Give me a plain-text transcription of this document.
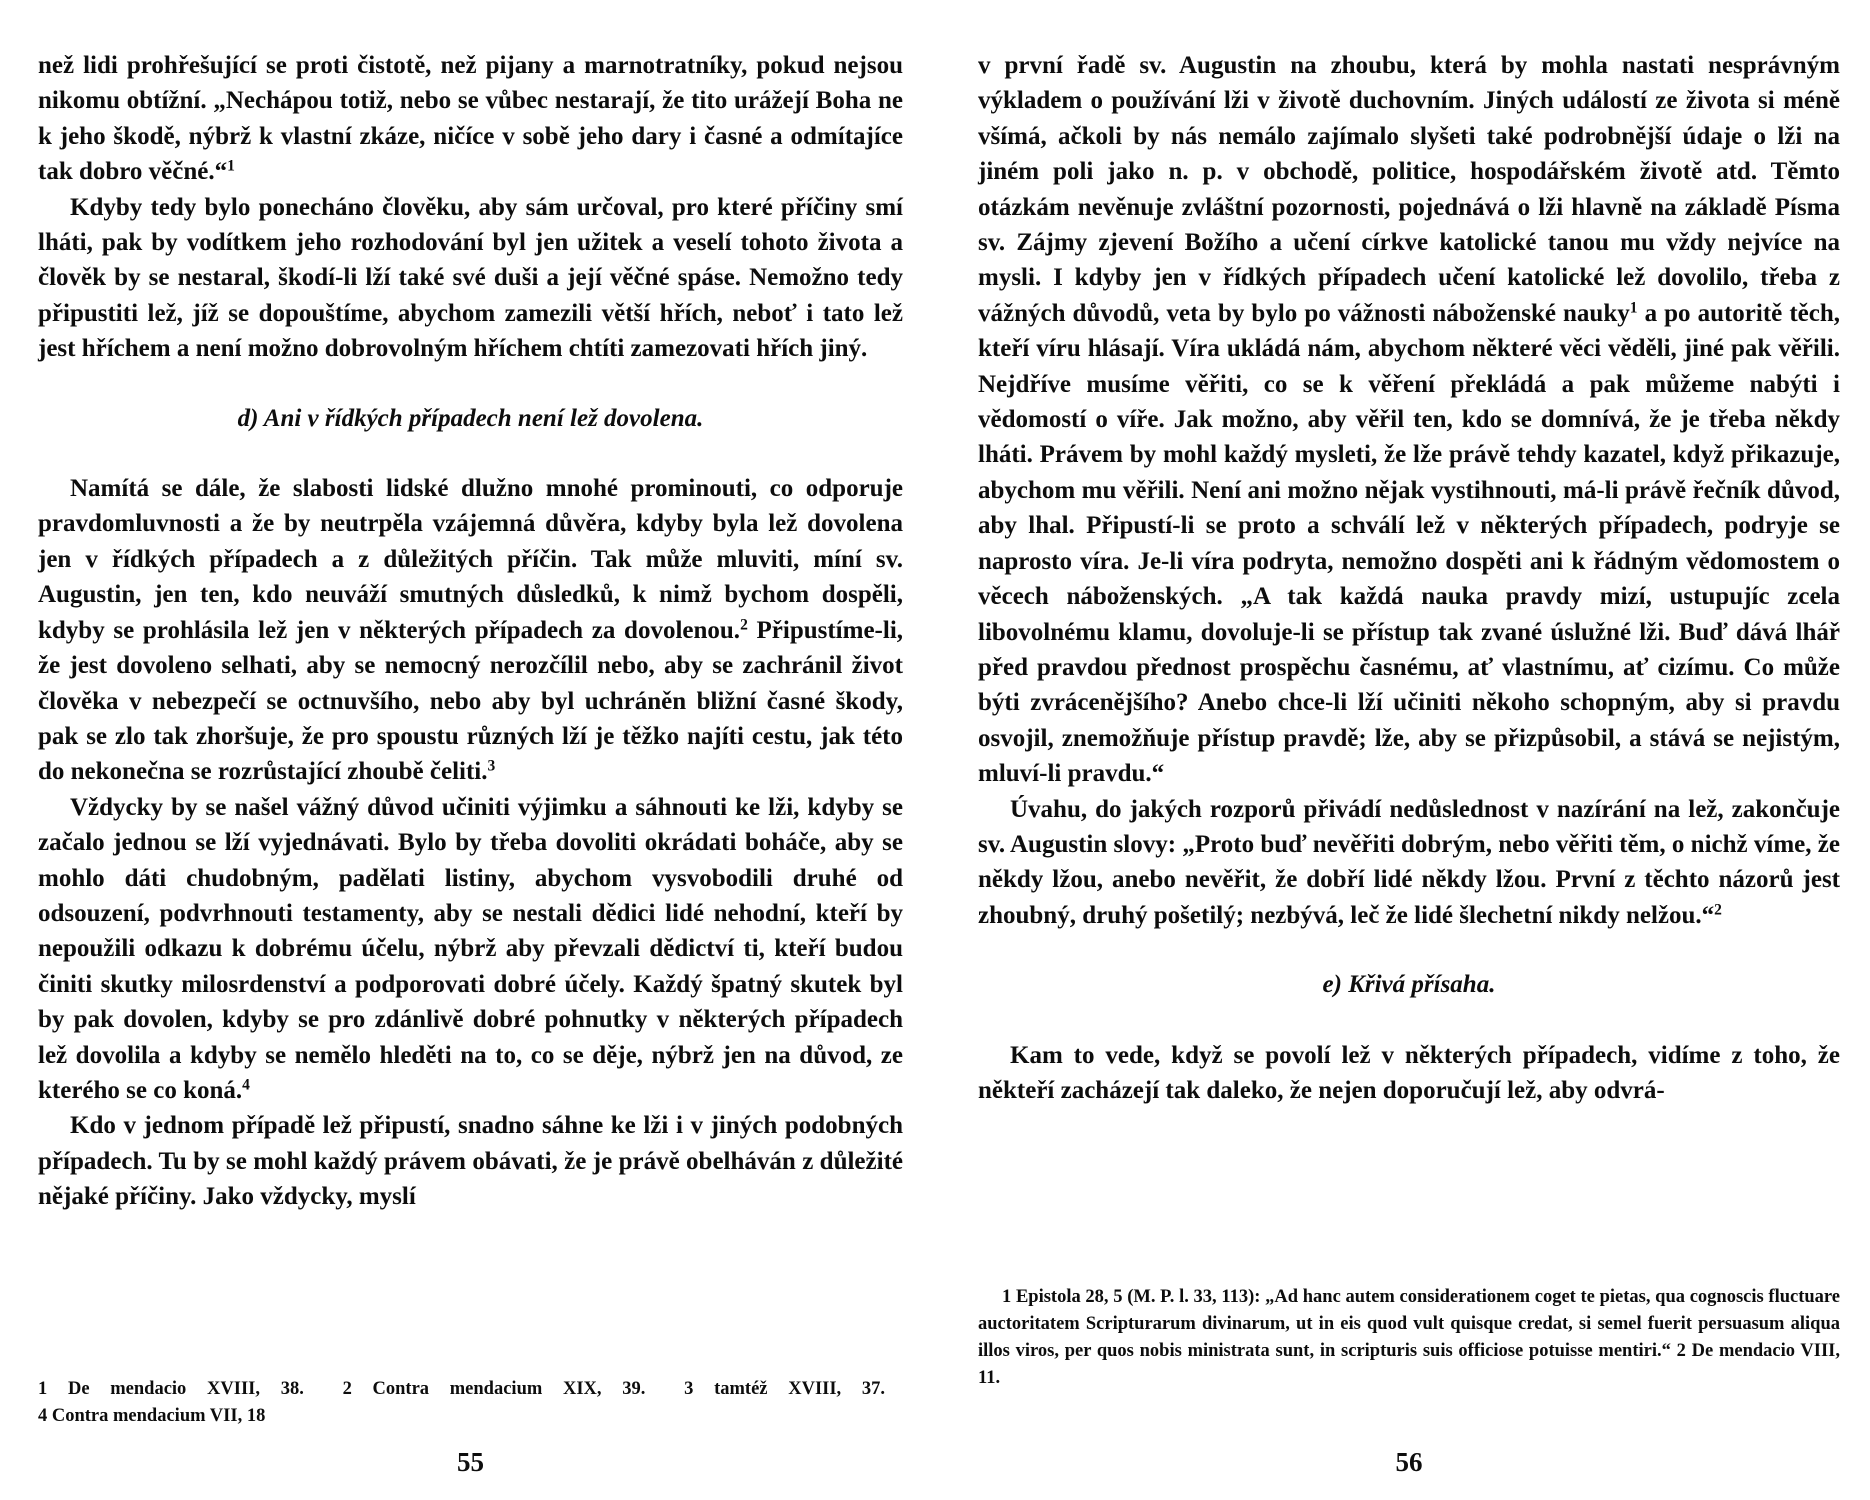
než lidi prohřešující se proti čistotě, než pijany a marnotratníky, pokud nejsou nikomu obtížní. „Nechápou totiž, nebo se vůbec nestarají, že tito urážejí Boha ne k jeho škodě, nýbrž k vlastní zkáze, ničíce v sobě jeho dary i časné a odmítajíce tak dobro věčné.“$^1$

Kdyby tedy bylo ponecháno člověku, aby sám určoval, pro které příčiny smí lháti, pak by vodítkem jeho rozhodování byl jen užitek a veselí tohoto života a člověk by se nestaral, škodí-li lží také své duši a její věčné spáse. Nemožno tedy připustiti lež, jíž se dopouštíme, abychom zamezili větší hřích, neboť i tato lež jest hříchem a není možno dobrovolným hříchem chtíti zamezovati hřích jiný.

d) Ani v řídkých případech není lež dovolena.

Namítá se dále, že slabosti lidské dlužno mnohé prominouti, co odporuje pravdomluvnosti a že by neutrpěla vzájemná důvěra, kdyby byla lež dovolena jen v řídkých případech a z důležitých příčin. Tak může mluviti, míní sv. Augustin, jen ten, kdo neuváží smutných důsledků, k nimž bychom dospěli, kdyby se prohlásila lež jen v některých případech za dovolenou.$^2$ Připustíme-li, že jest dovoleno selhati, aby se nemocný nerozčílil nebo, aby se zachránil život člověka v nebezpečí se octnuvšího, nebo aby byl uchráněn bližní časné škody, pak se zlo tak zhoršuje, že pro spoustu různých lží je těžko najíti cestu, jak této do nekonečna se rozrůstající zhoubě čeliti.$^3$

Vždycky by se našel vážný důvod učiniti výjimku a sáhnouti ke lži, kdyby se začalo jednou se lží vyjednávati. Bylo by třeba dovoliti okrádati boháče, aby se mohlo dáti chudobným, padělati listiny, abychom vysvobodili druhé od odsouzení, podvrhnouti testamenty, aby se nestali dědici lidé nehodní, kteří by nepoužili odkazu k dobrému účelu, nýbrž aby převzali dědictví ti, kteří budou činiti skutky milosrdenství a podporovati dobré účely. Každý špatný skutek byl by pak dovolen, kdyby se pro zdánlivě dobré pohnutky v některých případech lež dovolila a kdyby se nemělo hleděti na to, co se děje, nýbrž jen na důvod, ze kterého se co koná.$^4$

Kdo v jednom případě lež připustí, snadno sáhne ke lži i v jiných podobných případech. Tu by se mohl každý právem obávati, že je právě obelháván z důležité nějaké příčiny. Jako vždycky, myslí

1 De mendacio XVIII, 38. 2 Contra mendacium XIX, 39. 3 tamtéž XVIII, 37. 4 Contra mendacium VII, 18

55

v první řadě sv. Augustin na zhoubu, která by mohla nastati nesprávným výkladem o používání lži v životě duchovním. Jiných událostí ze života si méně všímá, ačkoli by nás nemálo zajímalo slyšeti také podrobnější údaje o lži na jiném poli jako n. p. v obchodě, politice, hospodářském životě atd. Těmto otázkám nevěnuje zvláštní pozornosti, pojednává o lži hlavně na základě Písma sv. Zájmy zjevení Božího a učení církve katolické tanou mu vždy nejvíce na mysli. I kdyby jen v řídkých případech učení katolické lež dovolilo, třeba z vážných důvodů, veta by bylo po vážnosti náboženské nauky$^1$ a po autoritě těch, kteří víru hlásají. Víra ukládá nám, abychom některé věci věděli, jiné pak věřili. Nejdříve musíme věřiti, co se k věření překládá a pak můžeme nabýti i vědomostí o víře. Jak možno, aby věřil ten, kdo se domnívá, že je třeba někdy lháti. Právem by mohl každý mysleti, že lže právě tehdy kazatel, když přikazuje, abychom mu věřili. Není ani možno nějak vystihnouti, má-li právě řečník důvod, aby lhal. Připustí-li se proto a schválí lež v některých případech, podryje se naprosto víra. Je-li víra podryta, nemožno dospěti ani k řádným vědomostem o věcech náboženských. „A tak každá nauka pravdy mizí, ustupujíc zcela libovolnému klamu, dovoluje-li se přístup tak zvané úslužné lži. Buď dává lhář před pravdou přednost prospěchu časnému, ať vlastnímu, ať cizímu. Co může býti zvrácenějšího? Anebo chce-li lží učiniti někoho schopným, aby si pravdu osvojil, znemožňuje přístup pravdě; lže, aby se přizpůsobil, a stává se nejistým, mluví-li pravdu.“

Úvahu, do jakých rozporů přivádí nedůslednost v nazírání na lež, zakončuje sv. Augustin slovy: „Proto buď nevěřiti dobrým, nebo věřiti těm, o nichž víme, že někdy lžou, anebo nevěřit, že dobří lidé někdy lžou. První z těchto názorů jest zhoubný, druhý pošetilý; nezbývá, leč že lidé šlechetní nikdy nelžou.“$^2$

e) Křivá přísaha.

Kam to vede, když se povolí lež v některých případech, vidíme z toho, že někteří zacházejí tak daleko, že nejen doporučují lež, aby odvrá-

1 Epistola 28, 5 (M. P. l. 33, 113): „Ad hanc autem considerationem coget te pietas, qua cognoscis fluctuare auctoritatem Scripturarum divinarum, ut in eis quod vult quisque credat, si semel fuerit persuasum aliqua illos viros, per quos nobis ministrata sunt, in scripturis suis officiose potuisse mentiri.“ 2 De mendacio VIII, 11.

56
